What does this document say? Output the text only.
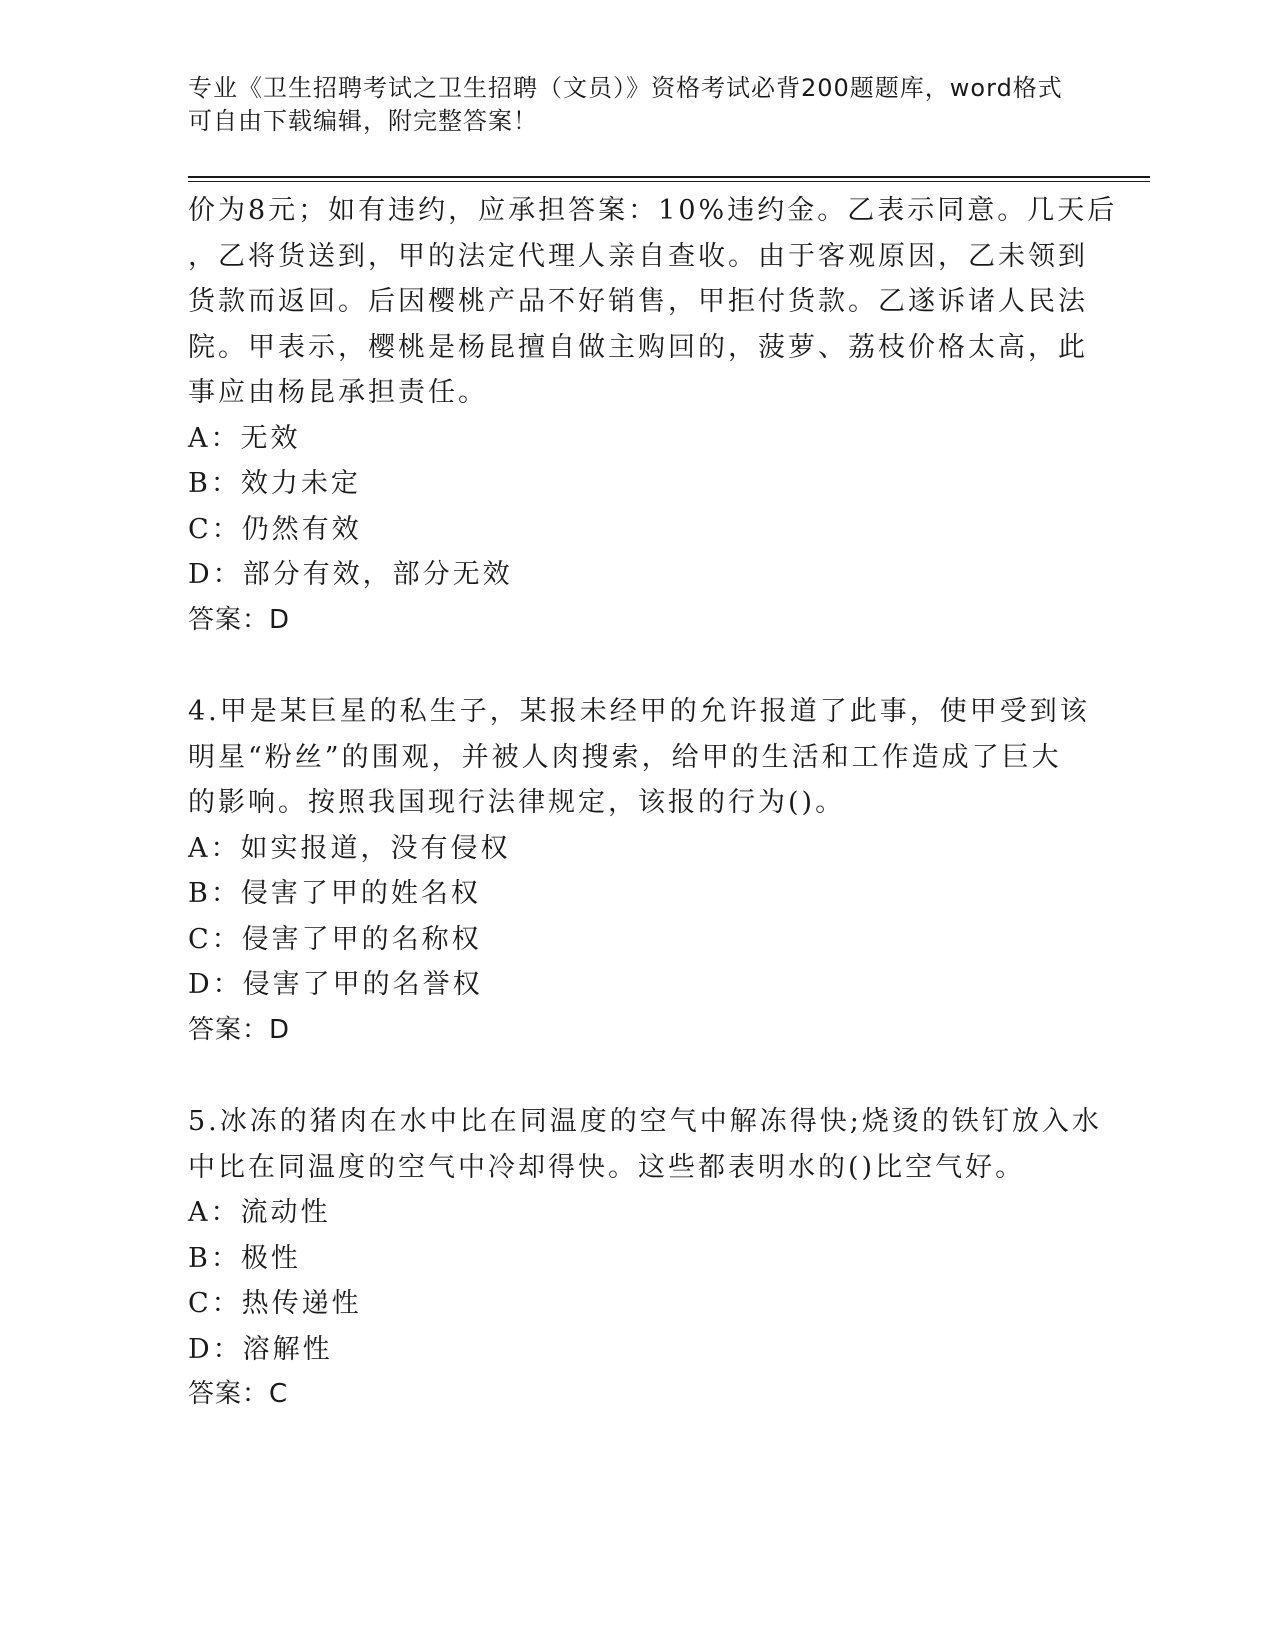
专业《卫生招聘考试之卫生招聘（文员）》资格考试必背200题题库，word格式
可自由下载编辑，附完整答案！
价为8元；如有违约，应承担答案：10%违约金。乙表示同意。几天后
，乙将货送到，甲的法定代理人亲自查收。由于客观原因，乙未领到
货款而返回。后因樱桃产品不好销售，甲拒付货款。乙遂诉诸人民法
院。甲表示，樱桃是杨昆擅自做主购回的，菠萝、荔枝价格太高，此
事应由杨昆承担责任。
A：无效
B：效力未定
C：仍然有效
D：部分有效，部分无效
答案：D
4.甲是某巨星的私生子，某报未经甲的允许报道了此事，使甲受到该
明星“粉丝”的围观，并被人肉搜索，给甲的生活和工作造成了巨大
的影响。按照我国现行法律规定，该报的行为()。
A：如实报道，没有侵权
B：侵害了甲的姓名权
C：侵害了甲的名称权
D：侵害了甲的名誉权
答案：D
5.冰冻的猪肉在水中比在同温度的空气中解冻得快;烧烫的铁钉放入水
中比在同温度的空气中冷却得快。这些都表明水的()比空气好。
A：流动性
B：极性
C：热传递性
D：溶解性
答案：C
